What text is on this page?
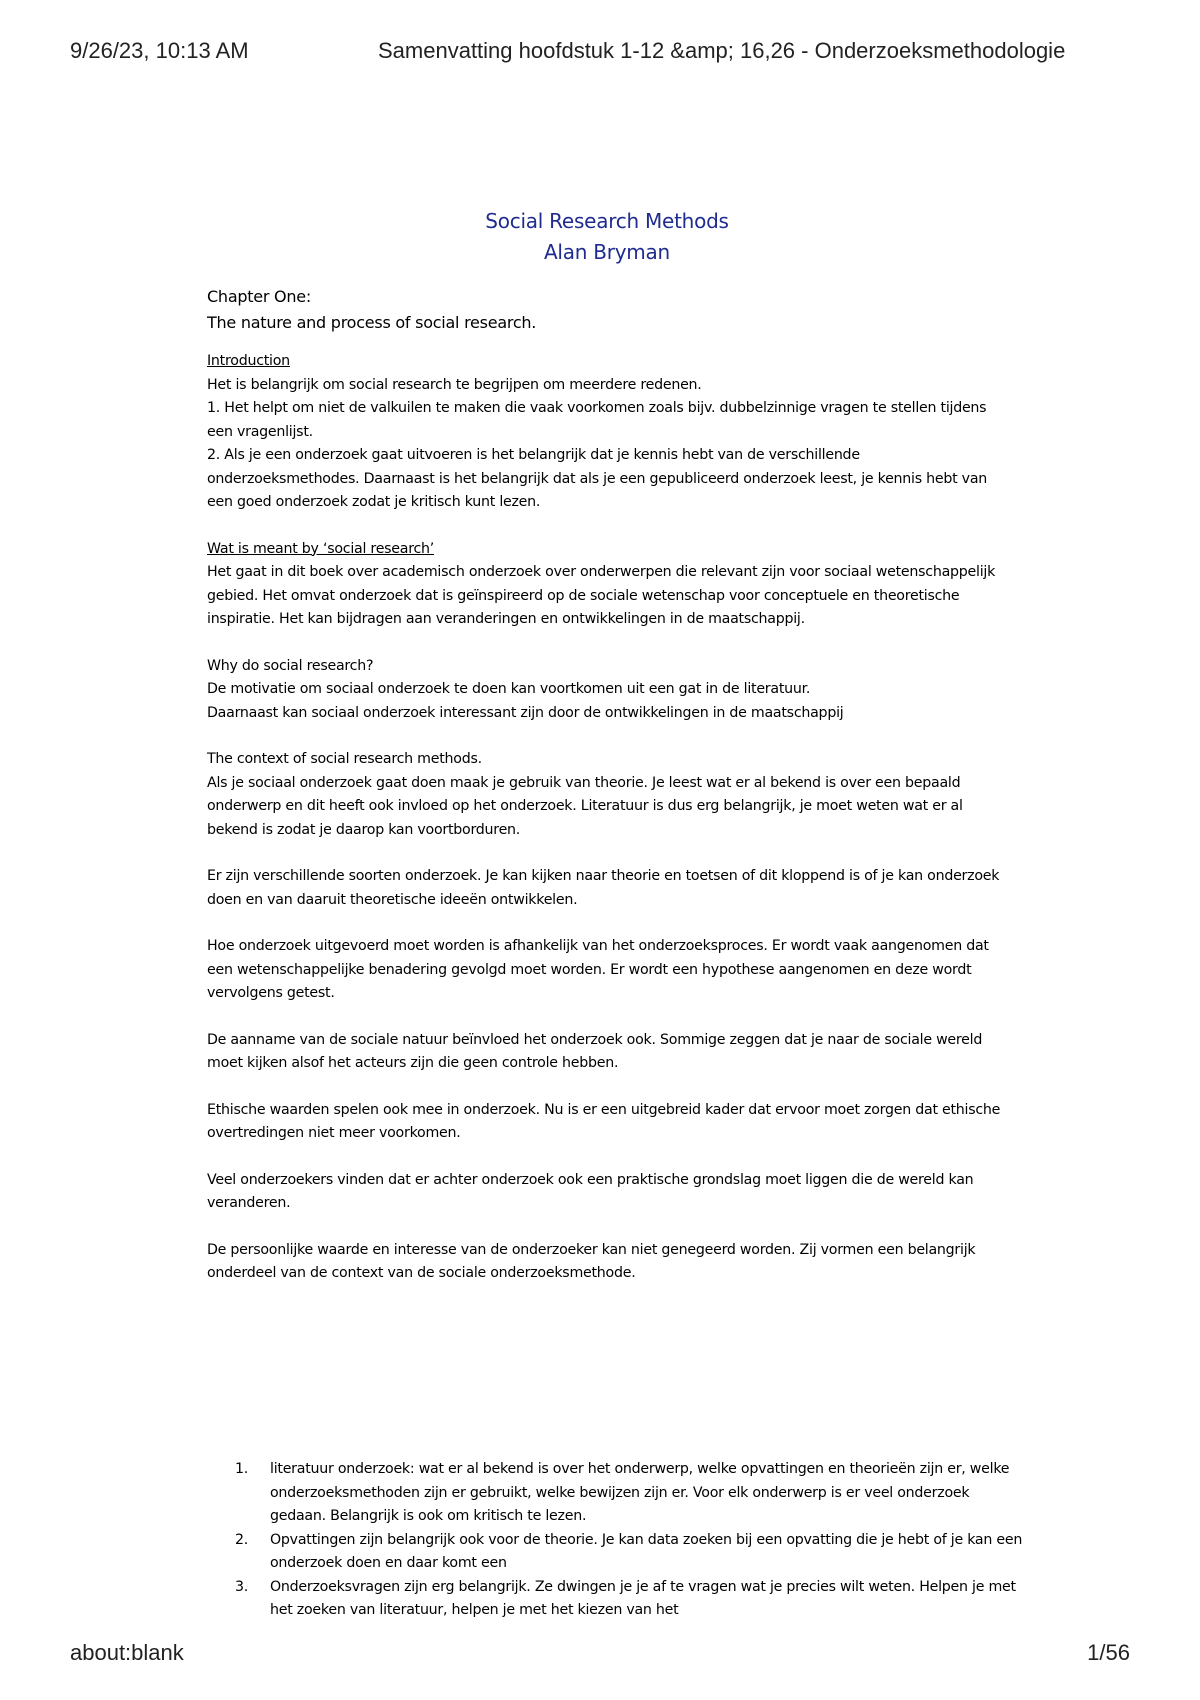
9/26/23, 10:13 AM	Samenvatting hoofdstuk 1-12 &amp; 16,26 - Onderzoeksmethodologie
Social Research Methods
Alan Bryman
Chapter One:
The nature and process of social research.
Introduction

Het is belangrijk om social research te begrijpen om meerdere redenen.

1. Het helpt om niet de valkuilen te maken die vaak voorkomen zoals bijv. dubbelzinnige vragen te stellen tijdens een vragenlijst.

2. Als je een onderzoek gaat uitvoeren is het belangrijk dat je kennis hebt van de verschillende onderzoeksmethodes. Daarnaast is het belangrijk dat als je een gepubliceerd onderzoek leest, je kennis hebt van een goed onderzoek zodat je kritisch kunt lezen.

Wat is meant by ‘social research’

Het gaat in dit boek over academisch onderzoek over onderwerpen die relevant zijn voor sociaal wetenschappelijk gebied. Het omvat onderzoek dat is geïnspireerd op de sociale wetenschap voor conceptuele en theoretische inspiratie. Het kan bijdragen aan veranderingen en ontwikkelingen in de maatschappij.

Why do social research?

De motivatie om sociaal onderzoek te doen kan voortkomen uit een gat in de literatuur.

Daarnaast kan sociaal onderzoek interessant zijn door de ontwikkelingen in de maatschappij

The context of social research methods.

Als je sociaal onderzoek gaat doen maak je gebruik van theorie. Je leest wat er al bekend is over een bepaald onderwerp en dit heeft ook invloed op het onderzoek. Literatuur is dus erg belangrijk, je moet weten wat er al bekend is zodat je daarop kan voortborduren.

Er zijn verschillende soorten onderzoek. Je kan kijken naar theorie en toetsen of dit kloppend is of je kan onderzoek doen en van daaruit theoretische ideeën ontwikkelen.

Hoe onderzoek uitgevoerd moet worden is afhankelijk van het onderzoeksproces. Er wordt vaak aangenomen dat een wetenschappelijke benadering gevolgd moet worden. Er wordt een hypothese aangenomen en deze wordt vervolgens getest.

De aanname van de sociale natuur beïnvloed het onderzoek ook. Sommige zeggen dat je naar de sociale wereld moet kijken alsof het acteurs zijn die geen controle hebben.

Ethische waarden spelen ook mee in onderzoek. Nu is er een uitgebreid kader dat ervoor moet zorgen dat ethische overtredingen niet meer voorkomen.

Veel onderzoekers vinden dat er achter onderzoek ook een praktische grondslag moet liggen die de wereld kan veranderen.

De persoonlijke waarde en interesse van de onderzoeker kan niet genegeerd worden. Zij vormen een belangrijk onderdeel van de context van de sociale onderzoeksmethode.

1. literatuur onderzoek: wat er al bekend is over het onderwerp, welke opvattingen en theorieën zijn er, welke onderzoeksmethoden zijn er gebruikt, welke bewijzen zijn er. Voor elk onderwerp is er veel onderzoek gedaan. Belangrijk is ook om kritisch te lezen.
2. Opvattingen zijn belangrijk ook voor de theorie. Je kan data zoeken bij een opvatting die je hebt of je kan een onderzoek doen en daar komt een
3. Onderzoeksvragen zijn erg belangrijk. Ze dwingen je je af te vragen wat je precies wilt weten. Helpen je met het zoeken van literatuur, helpen je met het kiezen van het
about:blank	1/56
